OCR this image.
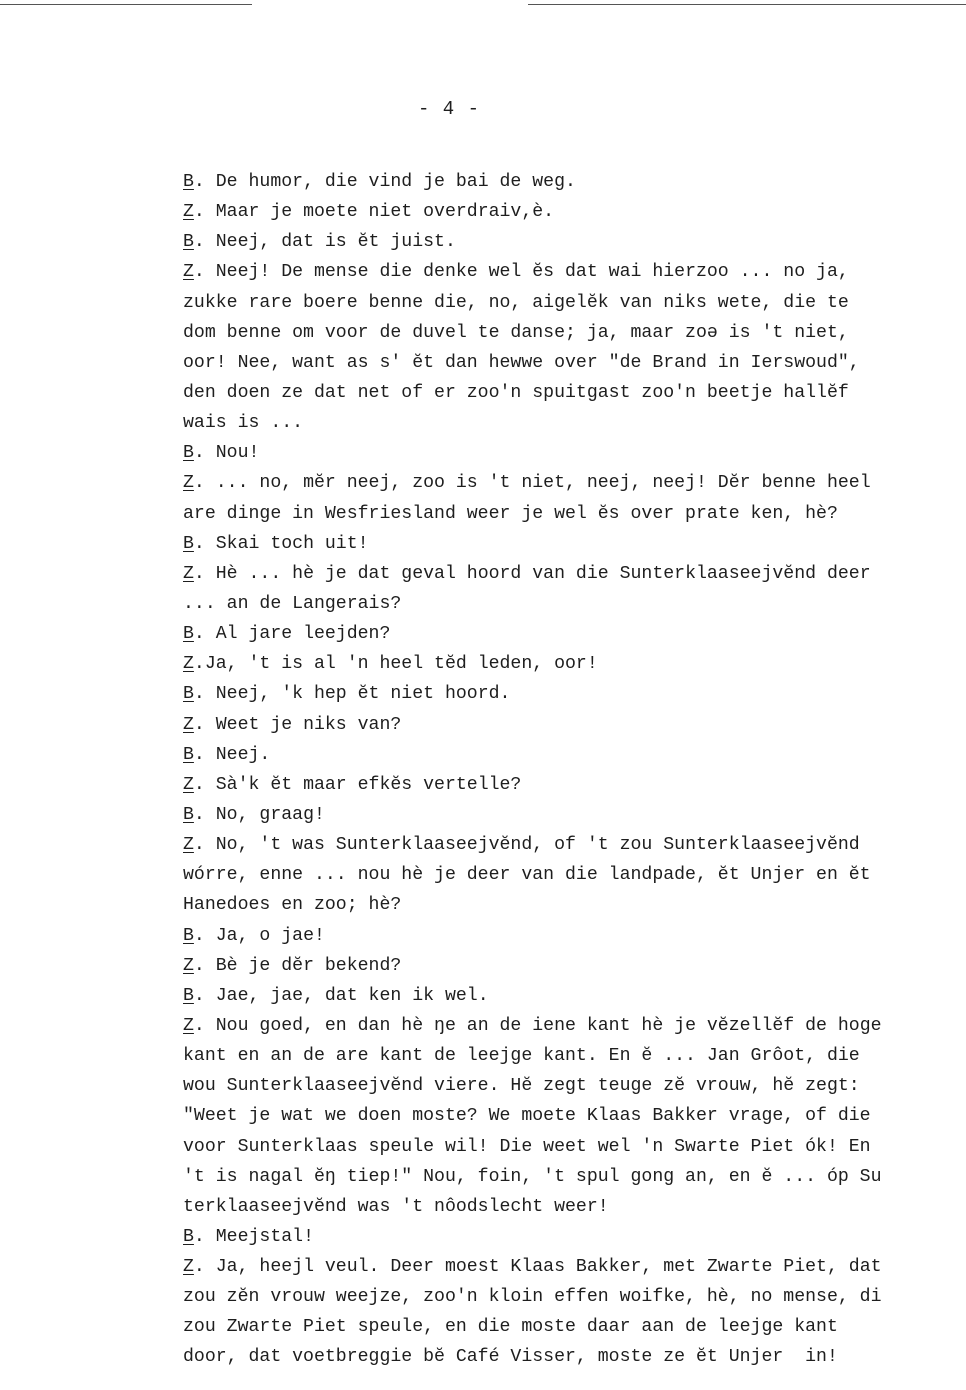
- 4 -
B. De humor, die vind je bai de weg.
Z. Maar je moete niet overdraiv,è.
B. Neej, dat is ĕt juist.
Z. Neej! De mense die denke wel ĕs dat wai hierzoo ... no ja,
zukke rare boere benne die, no, aigelĕk van niks wete, die te
dom benne om voor de duvel te danse; ja, maar zoə is 't niet,
oor! Nee, want as s' ĕt dan hewwe over "de Brand in Ierswoud",
den doen ze dat net of er zoo'n spuitgast zoo'n beetje hallĕf
wais is ...
B. Nou!
Z. ... no, mĕr neej, zoo is 't niet, neej, neej! Dĕr benne heel
are dinge in Wesfriesland weer je wel ĕs over prate ken, hè?
B. Skai toch uit!
Z. Hè ... hè je dat geval hoord van die Sunterklaaseejvĕnd deer
... an de Langerais?
B. Al jare leejden?
Z.Ja, 't is al 'n heel tĕd leden, oor!
B. Neej, 'k hep ĕt niet hoord.
Z. Weet je niks van?
B. Neej.
Z. Sà'k ĕt maar efkĕs vertelle?
B. No, graag!
Z. No, 't was Sunterklaaseejvĕnd, of 't zou Sunterklaaseejvĕnd
wórre, enne ... nou hè je deer van die landpade, ĕt Unjer en ĕt
Hanedoes en zoo; hè?
B. Ja, o jae!
Z. Bè je dĕr bekend?
B. Jae, jae, dat ken ik wel.
Z. Nou goed, en dan hè ŋe an de iene kant hè je vĕzellĕf de hoge
kant en an de are kant de leejge kant. En ĕ ... Jan Grôot, die
wou Sunterklaaseejvĕnd viere. Hĕ zegt teuge zĕ vrouw, hĕ zegt:
"Weet je wat we doen moste? We moete Klaas Bakker vrage, of die
voor Sunterklaas speule wil! Die weet wel 'n Swarte Piet ók! En
't is nagal ĕŋ tiep!" Nou, foin, 't spul gong an, en ĕ ... óp Su
terklaaseejvĕnd was 't nôodslecht weer!
B. Meejstal!
Z. Ja, heejl veul. Deer moest Klaas Bakker, met Zwarte Piet, dat
zou zĕn vrouw weejze, zoo'n kloin effen woifke, hè, no mense, di
zou Zwarte Piet speule, en die moste daar aan de leejge kant
door, dat voetbreggie bĕ Café Visser, moste ze ĕt Unjer  in!
